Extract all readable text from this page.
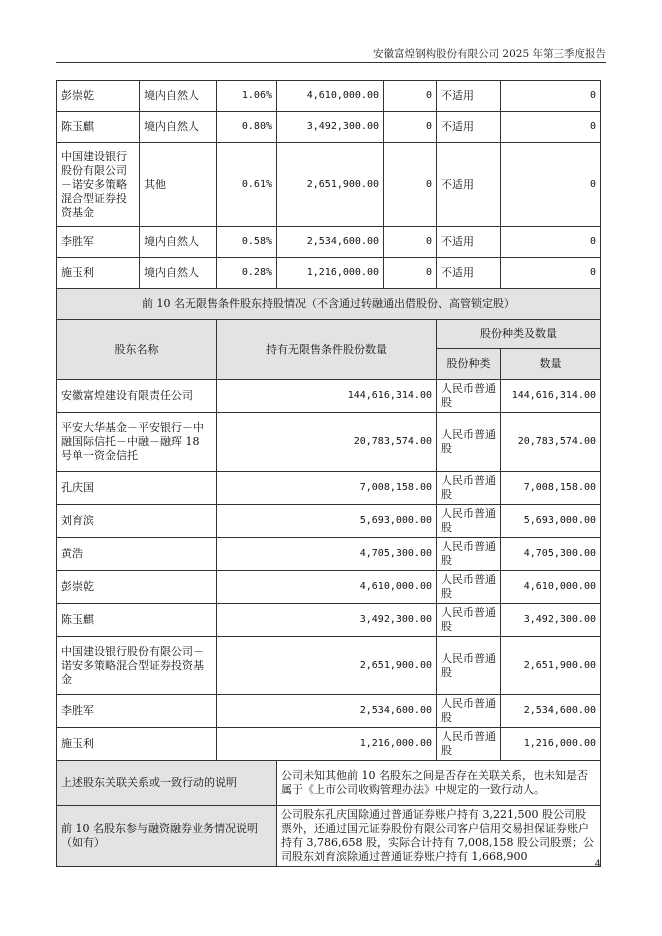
安徽富煌钢构股份有限公司 2025 年第三季度报告
彭崇乾	境内自然人	1.06%	4,610,000.00	0	不适用	0
陈玉麒	境内自然人	0.80%	3,492,300.00	0	不适用	0
中国建设银行股份有限公司－诺安多策略混合型证券投资基金	其他	0.61%	2,651,900.00	0	不适用	0
李胜军	境内自然人	0.58%	2,534,600.00	0	不适用	0
施玉利	境内自然人	0.28%	1,216,000.00	0	不适用	0
前 10 名无限售条件股东持股情况（不含通过转融通出借股份、高管锁定股）						
股东名称		持有无限售条件股份数量			股份种类及数量	
					股份种类	数量
安徽富煌建设有限责任公司		144,616,314.00			人民币普通股	144,616,314.00
平安大华基金－平安银行－中融国际信托－中融－融珲 18 号单一资金信托		20,783,574.00			人民币普通股	20,783,574.00
孔庆国		7,008,158.00			人民币普通股	7,008,158.00
刘育滨		5,693,000.00			人民币普通股	5,693,000.00
黄浩		4,705,300.00			人民币普通股	4,705,300.00
彭崇乾		4,610,000.00			人民币普通股	4,610,000.00
陈玉麒		3,492,300.00			人民币普通股	3,492,300.00
中国建设银行股份有限公司－诺安多策略混合型证券投资基金		2,651,900.00			人民币普通股	2,651,900.00
李胜军		2,534,600.00			人民币普通股	2,534,600.00
施玉利		1,216,000.00			人民币普通股	1,216,000.00
上述股东关联关系或一致行动的说明			公司未知其他前 10 名股东之间是否存在关联关系，也未知是否属于《上市公司收购管理办法》中规定的一致行动人。			
前 10 名股东参与融资融券业务情况说明（如有）			公司股东孔庆国除通过普通证券账户持有 3,221,500 股公司股票外，还通过国元证券股份有限公司客户信用交易担保证券账户持有 3,786,658 股，实际合计持有 7,008,158 股公司股票；公司股东刘育滨除通过普通证券账户持有 1,668,900			
4
